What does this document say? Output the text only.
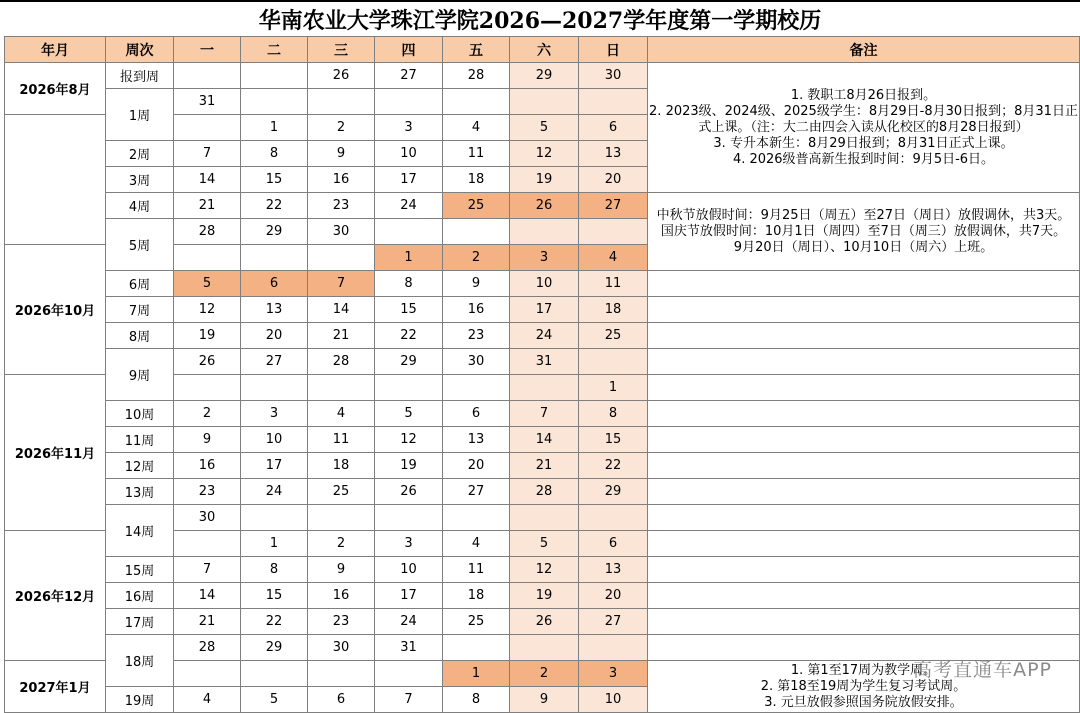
华南农业大学珠江学院2026—2027学年度第一学期校历
年月	周次	一	二	三	四	五	六	日	备注
2026年8月	报到周			26	27	28	29	30	1. 教职工8月26日报到。
2. 2023级、2024级、2025级学生：8月29日-8月30日报到；8月31日正式上课。（注：大二由四会入读从化校区的8月28日报到）
3. 专升本新生：8月29日报到；8月31日正式上课。
4. 2026级普高新生报到时间：9月5日-6日。

	1周	31							
			1	2	3	4	5	6	
	2周	7	8	9	10	11	12	13	
	3周	14	15	16	17	18	19	20	
	4周	21	22	23	24	25	26	27	中秋节放假时间：9月25日（周五）至27日（周日）放假调休，共3天。
国庆节放假时间：10月1日（周四）至7日（周三）放假调休，共7天。
9月20日（周日）、10月10日（周六）上班。

	5周	28	29	30					
2026年10月					1	2	3	4	
	6周	5	6	7	8	9	10	11	
	7周	12	13	14	15	16	17	18	
	8周	19	20	21	22	23	24	25	
	9周	26	27	28	29	30	31		
2026年11月								1	
	10周	2	3	4	5	6	7	8	
	11周	9	10	11	12	13	14	15	
	12周	16	17	18	19	20	21	22	
	13周	23	24	25	26	27	28	29	
	14周	30							
2026年12月			1	2	3	4	5	6	
	15周	7	8	9	10	11	12	13	
	16周	14	15	16	17	18	19	20	
	17周	21	22	23	24	25	26	27	
	18周	28	29	30	31				
2027年1月						1	2	3	1. 第1至17周为教学周。
2. 第18至19周为学生复习考试周。
3. 元旦放假参照国务院放假安排。

	19周	4	5	6	7	8	9	10	
高考直通车APP
